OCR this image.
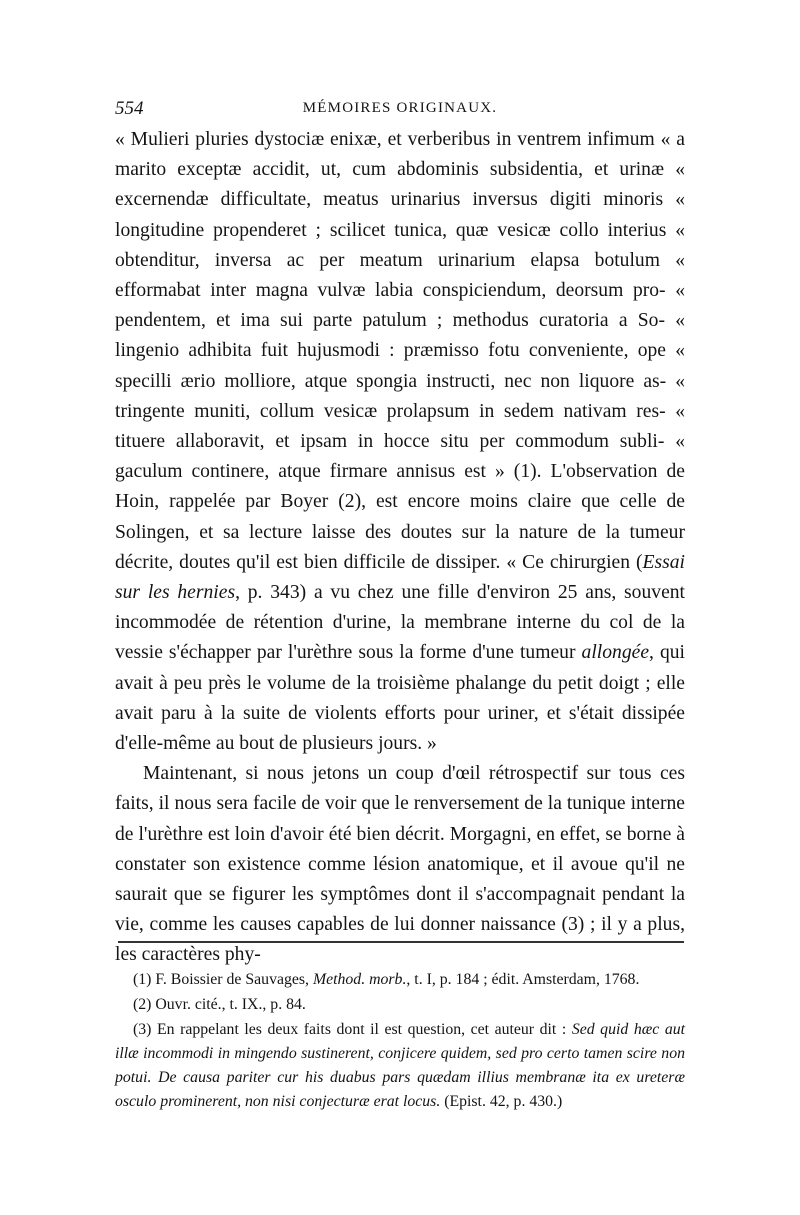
554	MÉMOIRES ORIGINAUX.

« Mulieri pluries dystociæ enixæ, et verberibus in ventrem infimum « a marito exceptæ accidit, ut, cum abdominis subsidentia, et urinæ « excernendæ difficultate, meatus urinarius inversus digiti minoris « longitudine propenderet ; scilicet tunica, quæ vesicæ collo interius « obtenditur, inversa ac per meatum urinarium elapsa botulum « efformabat inter magna vulvæ labia conspiciendum, deorsum pro- « pendentem, et ima sui parte patulum ; methodus curatoria a So- « lingenio adhibita fuit hujusmodi : præmisso fotu conveniente, ope « specilli ærio molliore, atque spongia instructi, nec non liquore as- « tringente muniti, collum vesicæ prolapsum in sedem nativam res- « tituere allaboravit, et ipsam in hocce situ per commodum subli- « gaculum continere, atque firmare annisus est » (1). L'observation de Hoin, rappelée par Boyer (2), est encore moins claire que celle de Solingen, et sa lecture laisse des doutes sur la nature de la tumeur décrite, doutes qu'il est bien difficile de dissiper. « Ce chirurgien (Essai sur les hernies, p. 343) a vu chez une fille d'environ 25 ans, souvent incommodée de rétention d'urine, la membrane interne du col de la vessie s'échapper par l'urèthre sous la forme d'une tumeur allongée, qui avait à peu près le volume de la troisième phalange du petit doigt ; elle avait paru à la suite de violents efforts pour uriner, et s'était dissipée d'elle-même au bout de plusieurs jours. »

Maintenant, si nous jetons un coup d'œil rétrospectif sur tous ces faits, il nous sera facile de voir que le renversement de la tunique interne de l'urèthre est loin d'avoir été bien décrit. Morgagni, en effet, se borne à constater son existence comme lésion anatomique, et il avoue qu'il ne saurait que se figurer les symptômes dont il s'accompagnait pendant la vie, comme les causes capables de lui donner naissance (3) ; il y a plus, les caractères phy-

(1) F. Boissier de Sauvages, Method. morb., t. I, p. 184 ; édit. Amsterdam, 1768.

(2) Ouvr. cité., t. IX., p. 84.

(3) En rappelant les deux faits dont il est question, cet auteur dit : Sed quid hæc aut illæ incommodi in mingendo sustinerent, conjicere quidem, sed pro certo tamen scire non potui. De causa pariter cur his duabus pars quædam illius membranæ ita ex ureteræ osculo prominerent, non nisi conjecturæ erat locus. (Epist. 42, p. 430.)
